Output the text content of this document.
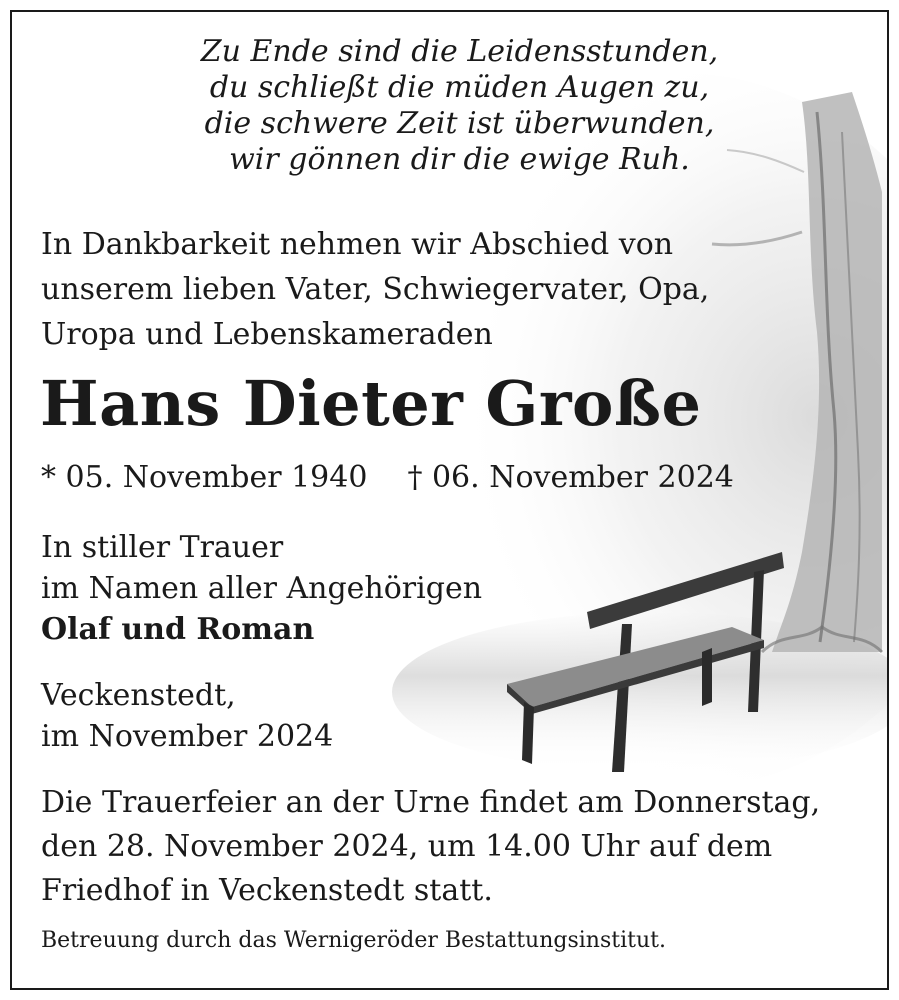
Zu Ende sind die Leidensstunden,
du schließt die müden Augen zu,
die schwere Zeit ist überwunden,
wir gönnen dir die ewige Ruh.
In Dankbarkeit nehmen wir Abschied von
unserem lieben Vater, Schwiegervater, Opa,
Uropa und Lebenskameraden
Hans Dieter Große
* 05. November 1940 † 06. November 2024
In stiller Trauer
im Namen aller Angehörigen
Olaf und Roman
Veckenstedt,
im November 2024
Die Trauerfeier an der Urne findet am Donnerstag,
den 28. November 2024, um 14.00 Uhr auf dem
Friedhof in Veckenstedt statt.
Betreuung durch das Wernigeröder Bestattungsinstitut.
